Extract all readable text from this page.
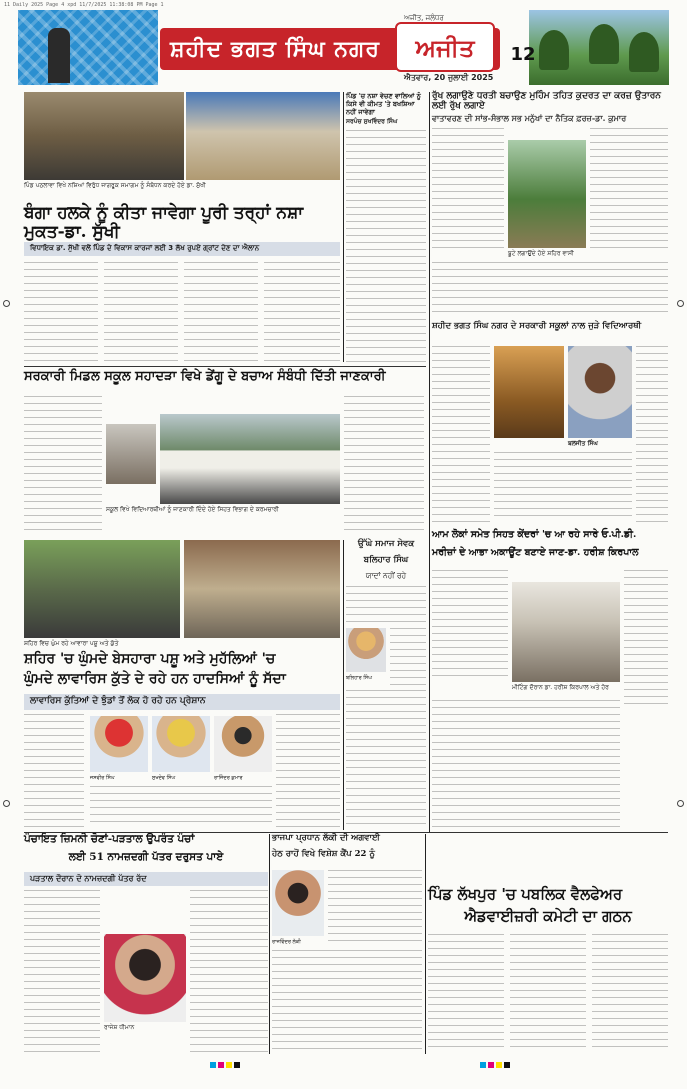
11 Daily 2025 Page 4 xpd 11/7/2025 11:38:08 PM Page 1
ਸ਼ਹੀਦ ਭਗਤ ਸਿੰਘ ਨਗਰ ਅਜੀਤ
ਅਜੀਤ, ਜਲੰਧਰ
ਐਤਵਾਰ, 20 ਜੁਲਾਈ 2025
12
ਪਿੰਡ ਪਠਲਾਵਾ ਵਿਖੇ ਨਸ਼ਿਆਂ ਵਿਰੁੱਧ ਜਾਗਰੂਕ ਸਮਾਗਮ ਨੂੰ ਸੰਬੋਧਨ ਕਰਦੇ ਹੋਏ ਡਾ. ਸੁੱਖੀ
ਬੰਗਾ ਹਲਕੇ ਨੂੰ ਕੀਤਾ ਜਾਵੇਗਾ ਪੂਰੀ ਤਰ੍ਹਾਂ ਨਸ਼ਾ ਮੁਕਤ-ਡਾ. ਸੁੱਖੀ
ਵਿਧਾਇਕ ਡਾ. ਸੁੱਖੀ ਵਲੋਂ ਪਿੰਡ ਦੇ ਵਿਕਾਸ ਕਾਰਜਾਂ ਲਈ 3 ਲੱਖ ਰੁਪਏ ਗ੍ਰਾਂਟ ਦੇਣ ਦਾ ਐਲਾਨ
ਪਿੰਡ 'ਚ ਨਸ਼ਾ ਵੇਚਣ ਵਾਲਿਆਂ ਨੂੰ ਕਿਸੇ ਵੀ ਕੀਮਤ 'ਤੇ ਬਖਸ਼ਿਆ ਨਹੀਂ ਜਾਵੇਗਾ
ਸਰਪੰਚ ਸੁਖਵਿੰਦਰ ਸਿੰਘ
ਰੁੱਖ ਲਗਾਉਣੇ ਧਰਤੀ ਬਚਾਉਣ ਮੁਹਿੰਮ ਤਹਿਤ ਕੁਦਰਤ ਦਾ ਕਰਜ਼ ਉਤਾਰਨ ਲਈ ਰੁੱਖ ਲਗਾਏ
ਵਾਤਾਵਰਣ ਦੀ ਸਾਂਭ-ਸੰਭਾਲ ਸਭ ਮਨੁੱਖਾਂ ਦਾ ਨੈਤਿਕ ਫ਼ਰਜ਼-ਡਾ. ਕੁਮਾਰ
ਬੂਟੇ ਲਗਾਉਂਦੇ ਹੋਏ ਸ਼ਹਿਰ ਵਾਸੀ
ਸ਼ਹੀਦ ਭਗਤ ਸਿੰਘ ਨਗਰ ਦੇ ਸਰਕਾਰੀ ਸਕੂਲਾਂ ਨਾਲ ਜੁੜੇ ਵਿਦਿਆਰਥੀ
ਬਲਜੀਤ ਸਿੰਘ
ਸਰਕਾਰੀ ਮਿਡਲ ਸਕੂਲ ਸਹਾਦੜਾ ਵਿਖੇ ਡੇਂਗੂ ਦੇ ਬਚਾਅ ਸੰਬੰਧੀ ਦਿੱਤੀ ਜਾਣਕਾਰੀ
ਸਕੂਲ ਵਿਖੇ ਵਿਦਿਆਰਥੀਆਂ ਨੂੰ ਜਾਣਕਾਰੀ ਦਿੰਦੇ ਹੋਏ ਸਿਹਤ ਵਿਭਾਗ ਦੇ ਕਰਮਚਾਰੀ
ਸ਼ਹਿਰ ਵਿਚ ਘੁੰਮ ਰਹੇ ਆਵਾਰਾ ਪਸ਼ੂ ਅਤੇ ਕੁੱਤੇ
ਸ਼ਹਿਰ 'ਚ ਘੁੰਮਦੇ ਬੇਸਹਾਰਾ ਪਸ਼ੂ ਅਤੇ ਮੁਹੱਲਿਆਂ 'ਚ
ਘੁੰਮਦੇ ਲਾਵਾਰਿਸ ਕੁੱਤੇ ਦੇ ਰਹੇ ਹਨ ਹਾਦਸਿਆਂ ਨੂੰ ਸੱਦਾ
ਲਾਵਾਰਿਸ ਕੁੱਤਿਆਂ ਦੇ ਝੁੰਡਾਂ ਤੋਂ ਲੋਕ ਹੋ ਰਹੇ ਹਨ ਪ੍ਰੇਸ਼ਾਨ
ਜਸਵੀਰ ਸਿੰਘ	ਸੁਖਦੇਵ ਸਿੰਘ	ਰਾਜਿੰਦਰ ਕੁਮਾਰ
ਉੱਘੇ ਸਮਾਜ ਸੇਵਕ
ਬਲਿਹਾਰ ਸਿੰਘ
ਯਾਦਾਂ ਨਹੀਂ ਰਹੇ
ਬਲਿਹਾਰ ਸਿੰਘ
ਆਮ ਲੋਕਾਂ ਸਮੇਤ ਸਿਹਤ ਕੇਂਦਰਾਂ 'ਚ ਆ ਰਹੇ ਸਾਰੇ ਓ.ਪੀ.ਡੀ.
ਮਰੀਜ਼ਾਂ ਦੇ ਆਭਾ ਅਕਾਊਂਟ ਬਣਾਏ ਜਾਣ-ਡਾ. ਹਰੀਸ਼ ਕਿਰਪਾਲ
ਮੀਟਿੰਗ ਦੌਰਾਨ ਡਾ. ਹਰੀਸ਼ ਕਿਰਪਾਲ ਅਤੇ ਹੋਰ
ਪੰਚਾਇਤ ਜ਼ਿਮਨੀ ਚੋਣਾਂ-ਪੜਤਾਲ ਉਪਰੰਤ ਪੰਚਾਂ
ਲਈ 51 ਨਾਮਜ਼ਦਗੀ ਪੱਤਰ ਦਰੁਸਤ ਪਾਏ
ਪੜਤਾਲ ਦੌਰਾਨ ਦੋ ਨਾਮਜ਼ਦਗੀ ਪੱਤਰ ਰੱਦ
ਰਾਜੇਸ਼ ਧੀਮਾਨ
ਭਾਜਪਾ ਪ੍ਰਧਾਨ ਲੱਕੀ ਦੀ ਅਗਵਾਈ
ਹੇਠ ਰਾਹੋਂ ਵਿਖੇ ਵਿਸ਼ੇਸ਼ ਕੈਂਪ 22 ਨੂੰ
ਰਾਜਵਿੰਦਰ ਲੱਕੀ
ਪਿੰਡ ਲੱਖਪੁਰ 'ਚ ਪਬਲਿਕ ਵੈਲਫੇਅਰ
ਐਡਵਾਈਜ਼ਰੀ ਕਮੇਟੀ ਦਾ ਗਠਨ
